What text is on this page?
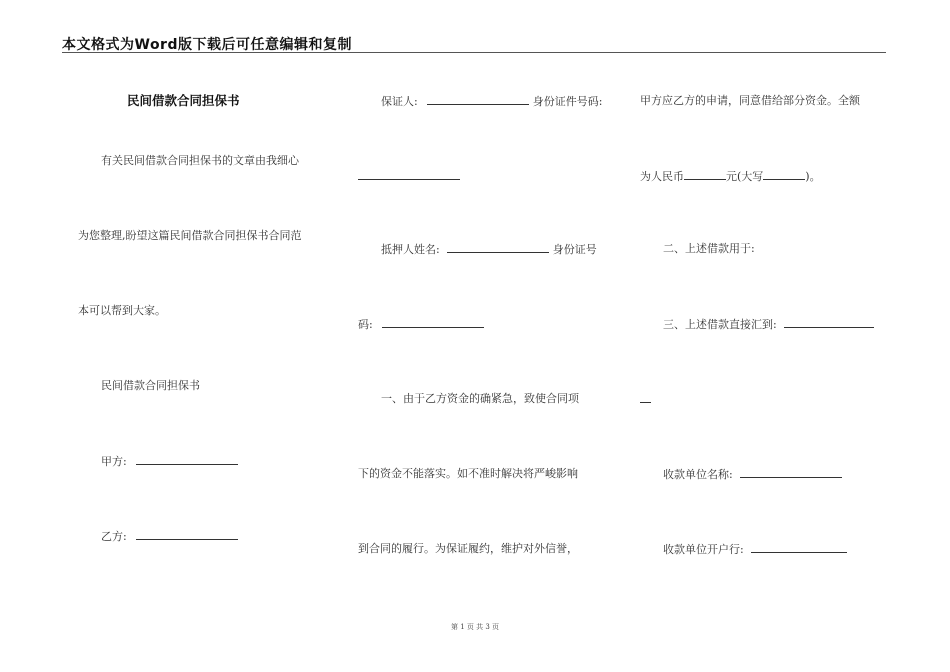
本文格式为Word版下载后可任意编辑和复制
民间借款合同担保书
有关民间借款合同担保书的文章由我细心
为您整理,盼望这篇民间借款合同担保书合同范
本可以帮到大家。
民间借款合同担保书
甲方:
乙方:
保证人:	身份证件号码:
抵押人姓名:	身份证号
码:
一、由于乙方资金的确紧急，致使合同项
下的资金不能落实。如不准时解决将严峻影响
到合同的履行。为保证履约，维护对外信誉，
甲方应乙方的申请，同意借给部分资金。全额
为人民币	元(大写	)。
二、上述借款用于:
三、上述借款直接汇到:
收款单位名称:
收款单位开户行:
第 1 页 共 3 页
